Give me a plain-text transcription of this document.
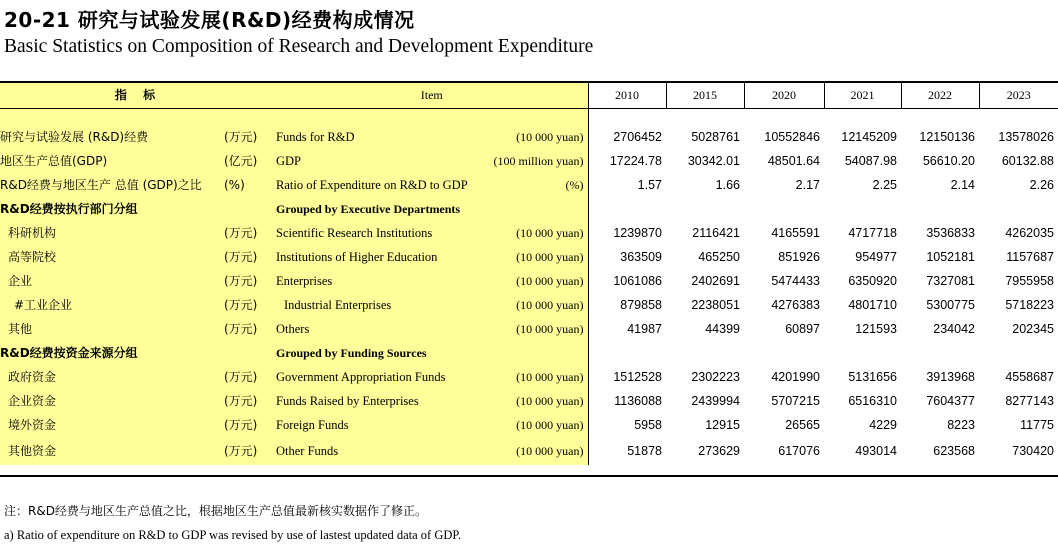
20-21 研究与试验发展(R&D)经费构成情况
Basic Statistics on Composition of Research and Development Expenditure
指 标		Item		2010	2015	2020	2021	2022	2023

研究与试验发展 (R&D)经费	(万元)	Funds for R&D	(10 000 yuan)	2706452	5028761	10552846	12145209	12150136	13578026
地区生产总值(GDP)	(亿元)	GDP	(100 million yuan)	17224.78	30342.01	48501.64	54087.98	56610.20	60132.88
R&D经费与地区生产 总值 (GDP)之比	(%)	Ratio of Expenditure on R&D to GDP	(%)	1.57	1.66	2.17	2.25	2.14	2.26
R&D经费按执行部门分组		Grouped by Executive Departments							
科研机构	(万元)	Scientific Research Institutions	(10 000 yuan)	1239870	2116421	4165591	4717718	3536833	4262035
高等院校	(万元)	Institutions of Higher Education	(10 000 yuan)	363509	465250	851926	954977	1052181	1157687
企业	(万元)	Enterprises	(10 000 yuan)	1061086	2402691	5474433	6350920	7327081	7955958
#工业企业	(万元)	Industrial Enterprises	(10 000 yuan)	879858	2238051	4276383	4801710	5300775	5718223
其他	(万元)	Others	(10 000 yuan)	41987	44399	60897	121593	234042	202345
R&D经费按资金来源分组		Grouped by Funding Sources							
政府资金	(万元)	Government Appropriation Funds	(10 000 yuan)	1512528	2302223	4201990	5131656	3913968	4558687
企业资金	(万元)	Funds Raised by Enterprises	(10 000 yuan)	1136088	2439994	5707215	6516310	7604377	8277143
境外资金	(万元)	Foreign Funds	(10 000 yuan)	5958	12915	26565	4229	8223	11775
其他资金	(万元)	Other Funds	(10 000 yuan)	51878	273629	617076	493014	623568	730420
注：R&D经费与地区生产总值之比，根据地区生产总值最新核实数据作了修正。
a) Ratio of expenditure on R&D to GDP was revised by use of lastest updated data of GDP.
